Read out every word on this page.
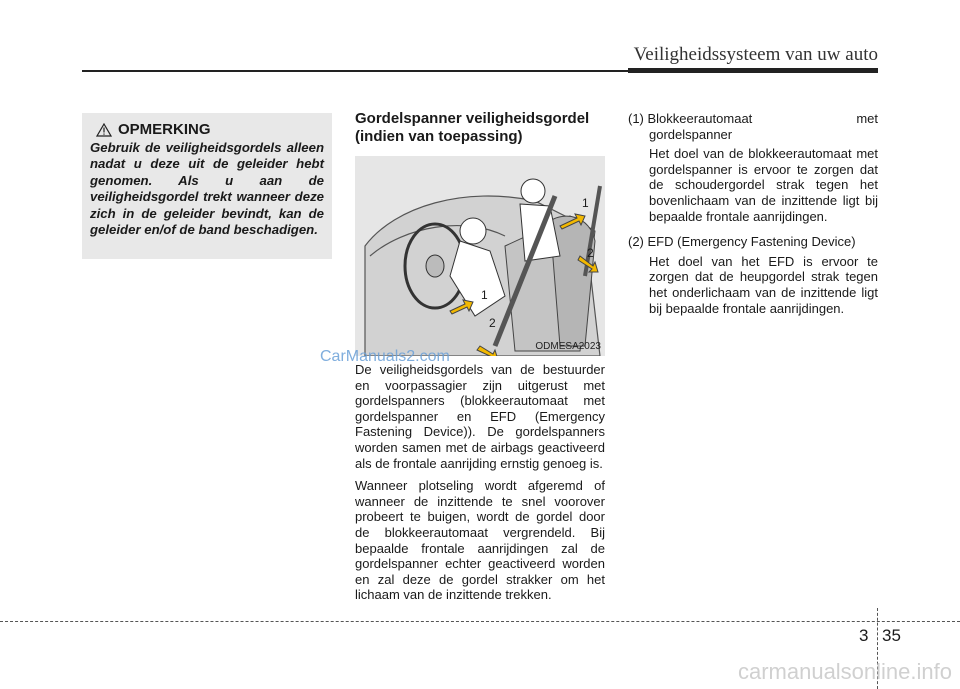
Veiligheidssysteem van uw auto
OPMERKING
Gebruik de veiligheidsgordels alleen nadat u deze uit de geleider hebt genomen. Als u aan de veiligheidsgordel trekt wanneer deze zich in de geleider bevindt, kan de geleider en/of de band beschadigen.
Gordelspanner veiligheidsgordel (indien van toepassing)
1
2
1
2
ODMESA2023
CarManuals2.com

De veiligheidsgordels van de bestuurder en voorpassagier zijn uitgerust met gordelspanners (blokkeerautomaat met gordelspanner en EFD (Emergency Fastening Device)). De gordelspanners worden samen met de airbags geactiveerd als de frontale aanrijding ernstig genoeg is.

Wanneer plotseling wordt afgeremd of wanneer de inzittende te snel voorover probeert te buigen, wordt de gordel door de blokkeerautomaat vergrendeld. Bij bepaalde frontale aanrijdingen zal de gordelspanner echter geactiveerd worden en zal deze de gordel strakker om het lichaam van de inzittende trekken.

(1) Blokkeerautomaat	met
gordelspanner
Het doel van de blokkeerautomaat met gordelspanner is ervoor te zorgen dat de schoudergordel strak tegen het bovenlichaam van de inzittende ligt bij bepaalde frontale aanrijdingen.
(2) EFD (Emergency Fastening Device)
Het doel van het EFD is ervoor te zorgen dat de heupgordel strak tegen het onderlichaam van de inzittende ligt bij bepaalde frontale aanrijdingen.
3 35
carmanualsonline.info
